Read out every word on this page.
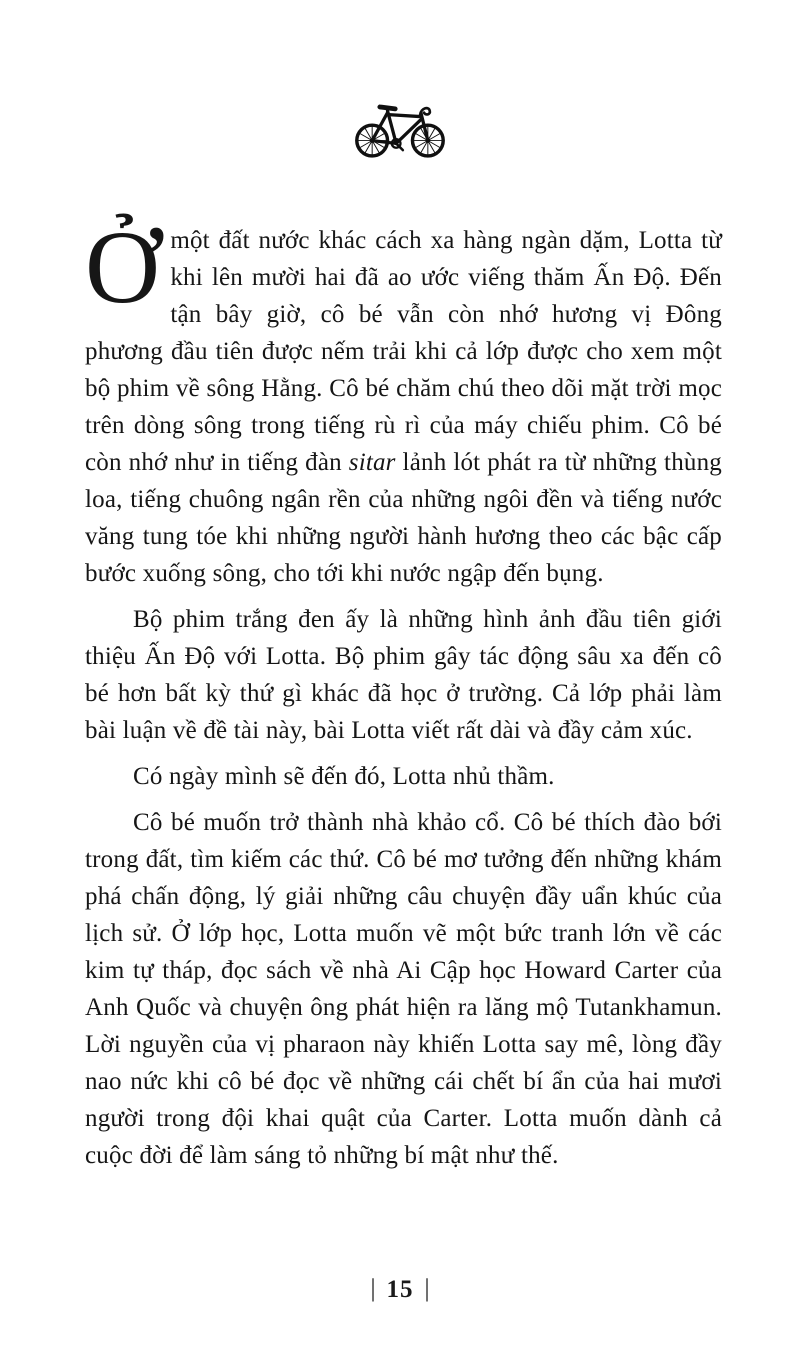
Ởmột đất nước khác cách xa hàng ngàn dặm, Lotta từ khi lên mười hai đã ao ước viếng thăm Ấn Độ. Đến tận bây giờ, cô bé vẫn còn nhớ hương vị Đông phương đầu tiên được nếm trải khi cả lớp được cho xem một bộ phim về sông Hằng. Cô bé chăm chú theo dõi mặt trời mọc trên dòng sông trong tiếng rù rì của máy chiếu phim. Cô bé còn nhớ như in tiếng đàn sitar lảnh lót phát ra từ những thùng loa, tiếng chuông ngân rền của những ngôi đền và tiếng nước văng tung tóe khi những người hành hương theo các bậc cấp bước xuống sông, cho tới khi nước ngập đến bụng.

Bộ phim trắng đen ấy là những hình ảnh đầu tiên giới thiệu Ấn Độ với Lotta. Bộ phim gây tác động sâu xa đến cô bé hơn bất kỳ thứ gì khác đã học ở trường. Cả lớp phải làm bài luận về đề tài này, bài Lotta viết rất dài và đầy cảm xúc.

Có ngày mình sẽ đến đó, Lotta nhủ thầm.

Cô bé muốn trở thành nhà khảo cổ. Cô bé thích đào bới trong đất, tìm kiếm các thứ. Cô bé mơ tưởng đến những khám phá chấn động, lý giải những câu chuyện đầy uẩn khúc của lịch sử. Ở lớp học, Lotta muốn vẽ một bức tranh lớn về các kim tự tháp, đọc sách về nhà Ai Cập học Howard Carter của Anh Quốc và chuyện ông phát hiện ra lăng mộ Tutankhamun. Lời nguyền của vị pharaon này khiến Lotta say mê, lòng đầy nao nức khi cô bé đọc về những cái chết bí ẩn của hai mươi người trong đội khai quật của Carter. Lotta muốn dành cả cuộc đời để làm sáng tỏ những bí mật như thế.

| 15 |
